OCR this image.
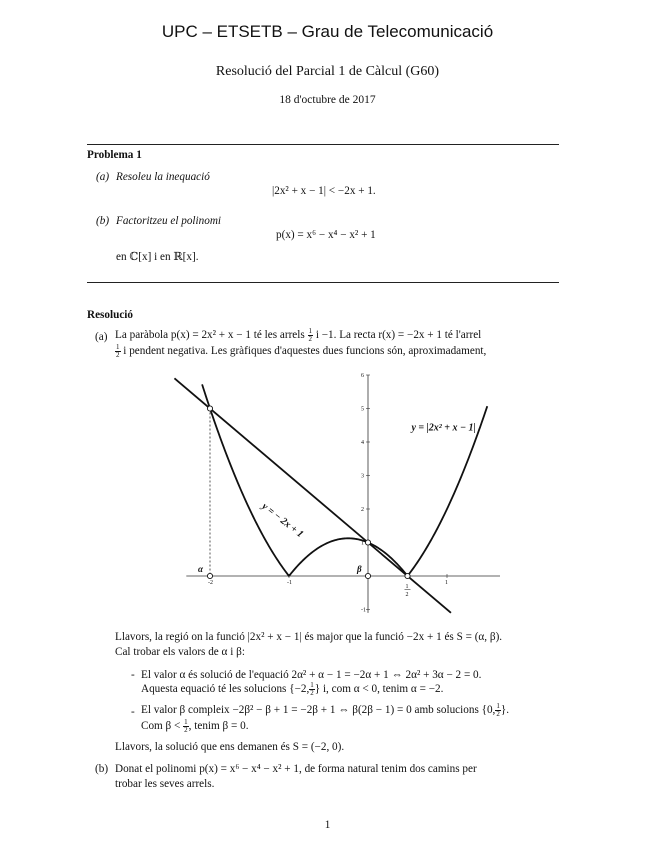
UPC – ETSETB – Grau de Telecomunicació
Resolució del Parcial 1 de Càlcul (G60)
18 d'octubre de 2017
Problema 1
(a) Resoleu la inequació
|2x² + x − 1| < −2x + 1.
(b) Factoritzeu el polinomi
p(x) = x⁶ − x⁴ − x² + 1
en ℂ[x] i en ℝ[x].
Resolució
(a) La paràbola p(x) = 2x² + x − 1 té les arrels $\frac{1}{2}$ i −1. La recta r(x) = −2x + 1 té l'arrel
$\frac{1}{2}$ i pendent negativa. Les gràfiques d'aquestes dues funcions són, aproximadament,
-2	-1	1
-1
1
2
3
4
5
6
α	β
1
2
y = − 2x + 1
y = |2x² + x − 1|
Llavors, la regió on la funció |2x² + x − 1| és major que la funció −2x + 1 és S = (α, β).
Cal trobar els valors de α i β:
- El valor α és solució de l'equació 2α² + α − 1 = −2α + 1 ⇔ 2α² + 3α − 2 = 0.
Aquesta equació té les solucions {−2, $\frac{1}{2}$ } i, com α < 0, tenim α = −2.
- El valor β compleix −2β² − β + 1 = −2β + 1 ⇔ β(2β − 1) = 0 amb solucions {0, $\frac{1}{2}$ }.
Com $\beta < \frac{1}{2}$ , tenim β = 0.
Llavors, la solució que ens demanen és S = (−2, 0).
(b) Donat el polinomi p(x) = x⁶ − x⁴ − x² + 1, de forma natural tenim dos camins per
trobar les seves arrels.
1
